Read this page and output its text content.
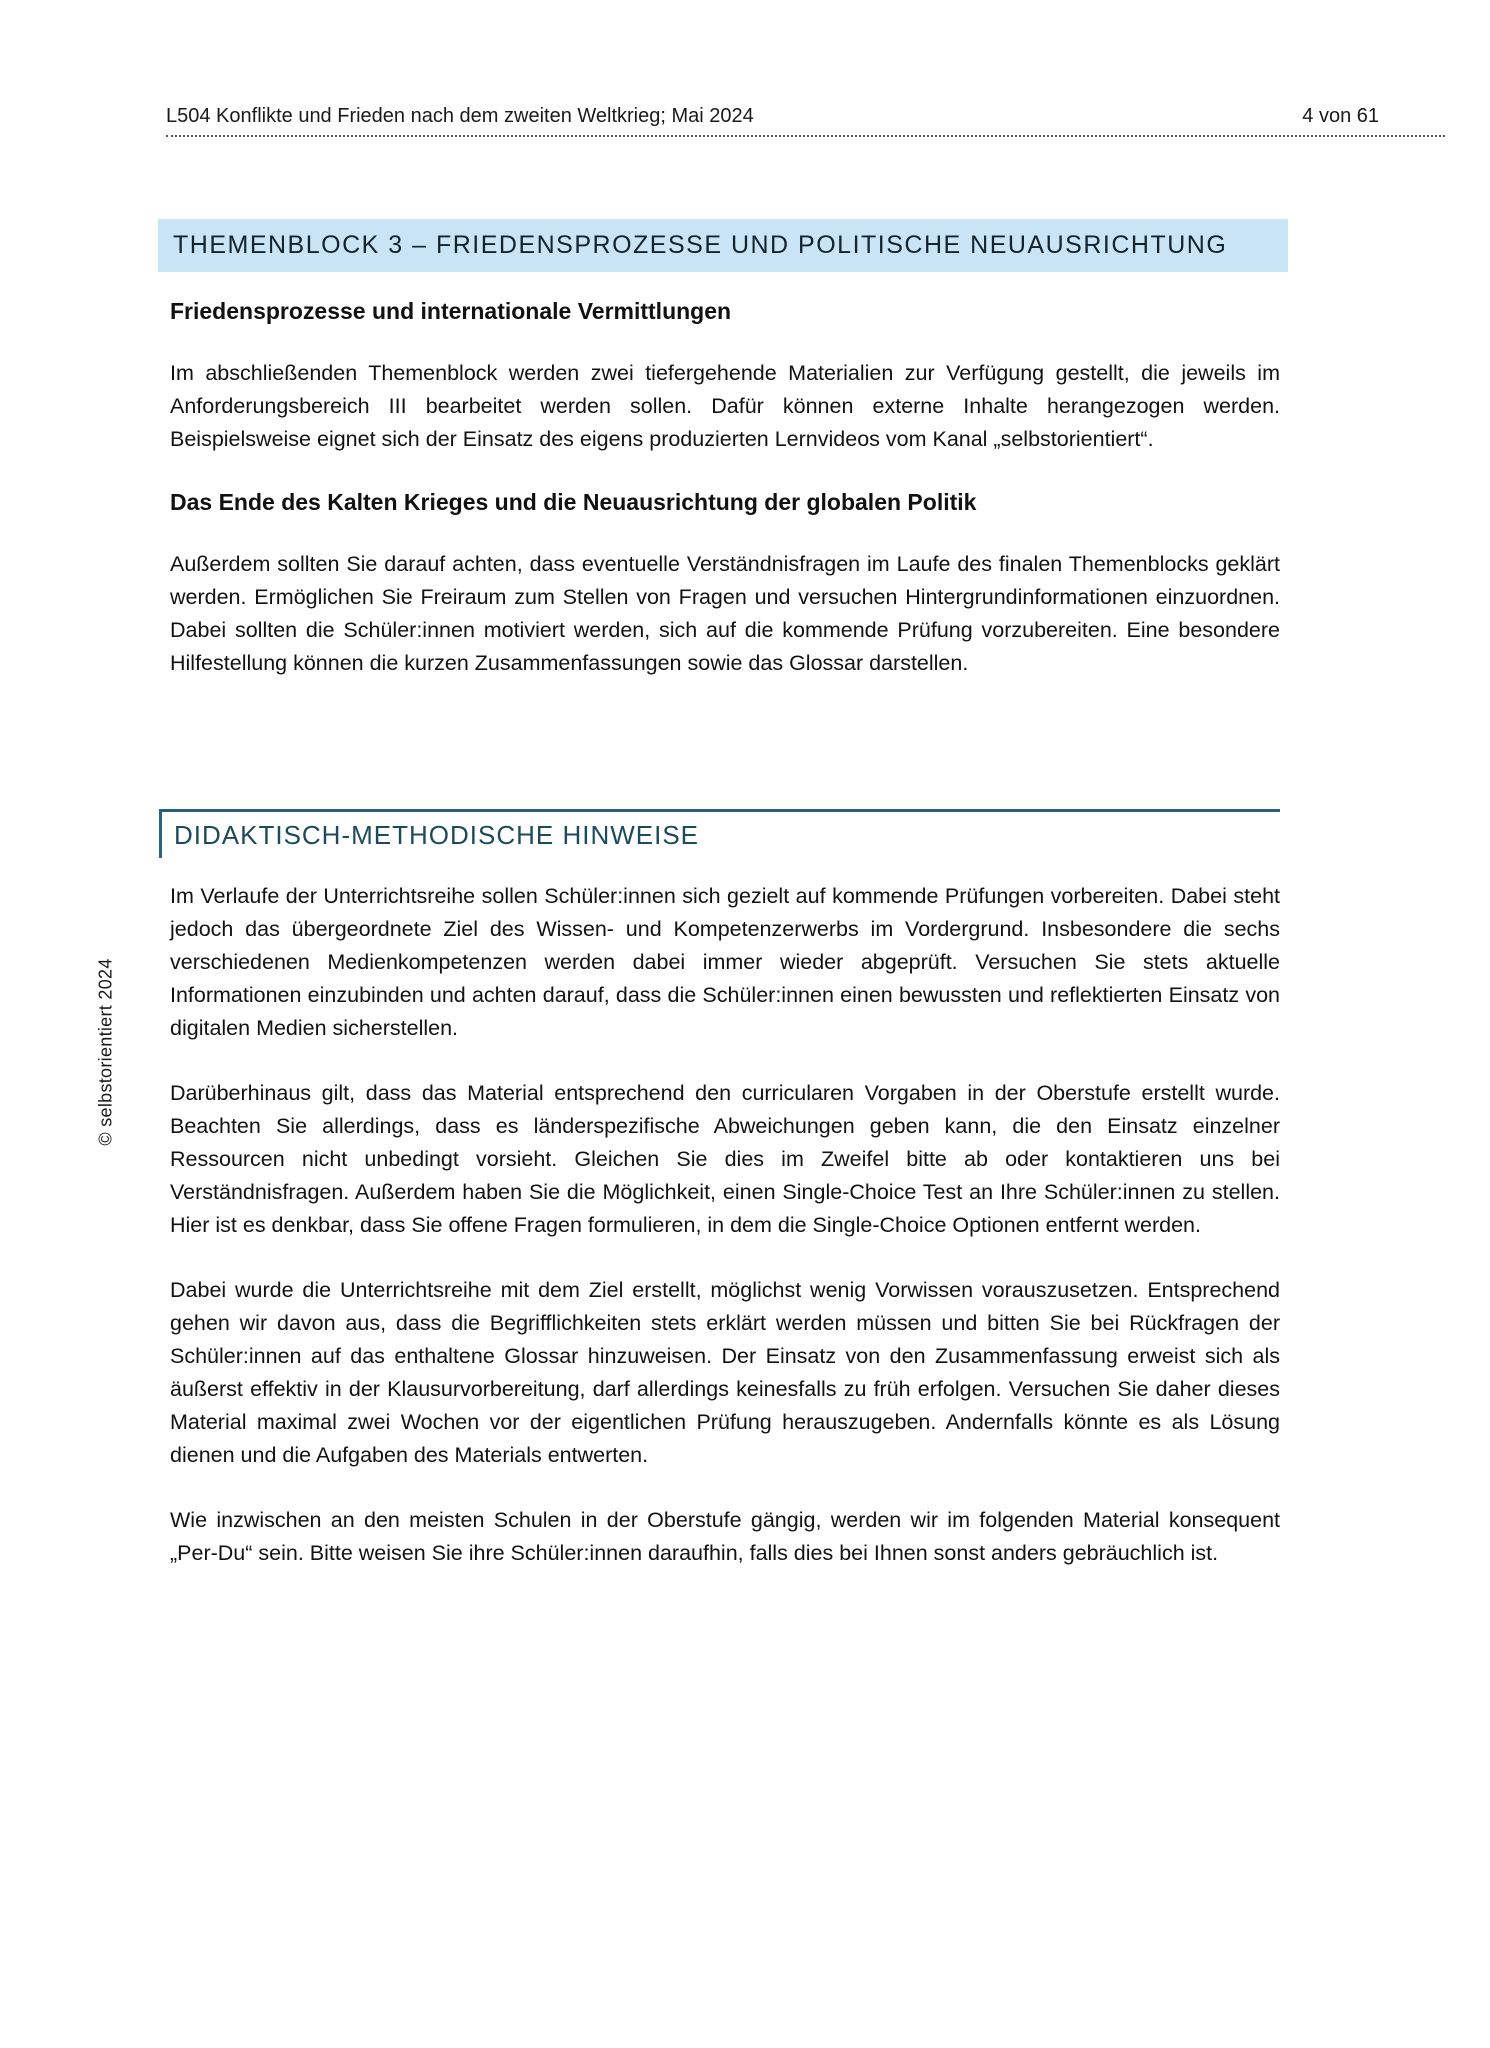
L504 Konflikte und Frieden nach dem zweiten Weltkrieg; Mai 2024	4 von 61
© selbstorientiert 2024
THEMENBLOCK 3 – FRIEDENSPROZESSE UND POLITISCHE NEUAUSRICHTUNG

Friedensprozesse und internationale Vermittlungen

Im abschließenden Themenblock werden zwei tiefergehende Materialien zur Verfügung gestellt, die jeweils im Anforderungsbereich III bearbeitet werden sollen. Dafür können externe Inhalte herangezogen werden. Beispielsweise eignet sich der Einsatz des eigens produzierten Lernvideos vom Kanal „selbstorientiert“.

Das Ende des Kalten Krieges und die Neuausrichtung der globalen Politik

Außerdem sollten Sie darauf achten, dass eventuelle Verständnisfragen im Laufe des finalen Themenblocks geklärt werden. Ermöglichen Sie Freiraum zum Stellen von Fragen und versuchen Hintergrundinformationen einzuordnen. Dabei sollten die Schüler:innen motiviert werden, sich auf die kommende Prüfung vorzubereiten. Eine besondere Hilfestellung können die kurzen Zusammenfassungen sowie das Glossar darstellen.

DIDAKTISCH-METHODISCHE HINWEISE

Im Verlaufe der Unterrichtsreihe sollen Schüler:innen sich gezielt auf kommende Prüfungen vorbereiten. Dabei steht jedoch das übergeordnete Ziel des Wissen- und Kompetenzerwerbs im Vordergrund. Insbesondere die sechs verschiedenen Medienkompetenzen werden dabei immer wieder abgeprüft. Versuchen Sie stets aktuelle Informationen einzubinden und achten darauf, dass die Schüler:innen einen bewussten und reflektierten Einsatz von digitalen Medien sicherstellen.

Darüberhinaus gilt, dass das Material entsprechend den curricularen Vorgaben in der Oberstufe erstellt wurde. Beachten Sie allerdings, dass es länderspezifische Abweichungen geben kann, die den Einsatz einzelner Ressourcen nicht unbedingt vorsieht. Gleichen Sie dies im Zweifel bitte ab oder kontaktieren uns bei Verständnisfragen. Außerdem haben Sie die Möglichkeit, einen Single-Choice Test an Ihre Schüler:innen zu stellen. Hier ist es denkbar, dass Sie offene Fragen formulieren, in dem die Single-Choice Optionen entfernt werden.

Dabei wurde die Unterrichtsreihe mit dem Ziel erstellt, möglichst wenig Vorwissen vorauszusetzen. Entsprechend gehen wir davon aus, dass die Begrifflichkeiten stets erklärt werden müssen und bitten Sie bei Rückfragen der Schüler:innen auf das enthaltene Glossar hinzuweisen. Der Einsatz von den Zusammenfassung erweist sich als äußerst effektiv in der Klausurvorbereitung, darf allerdings keinesfalls zu früh erfolgen. Versuchen Sie daher dieses Material maximal zwei Wochen vor der eigentlichen Prüfung herauszugeben. Andernfalls könnte es als Lösung dienen und die Aufgaben des Materials entwerten.

Wie inzwischen an den meisten Schulen in der Oberstufe gängig, werden wir im folgenden Material konsequent „Per-Du“ sein. Bitte weisen Sie ihre Schüler:innen daraufhin, falls dies bei Ihnen sonst anders gebräuchlich ist.
